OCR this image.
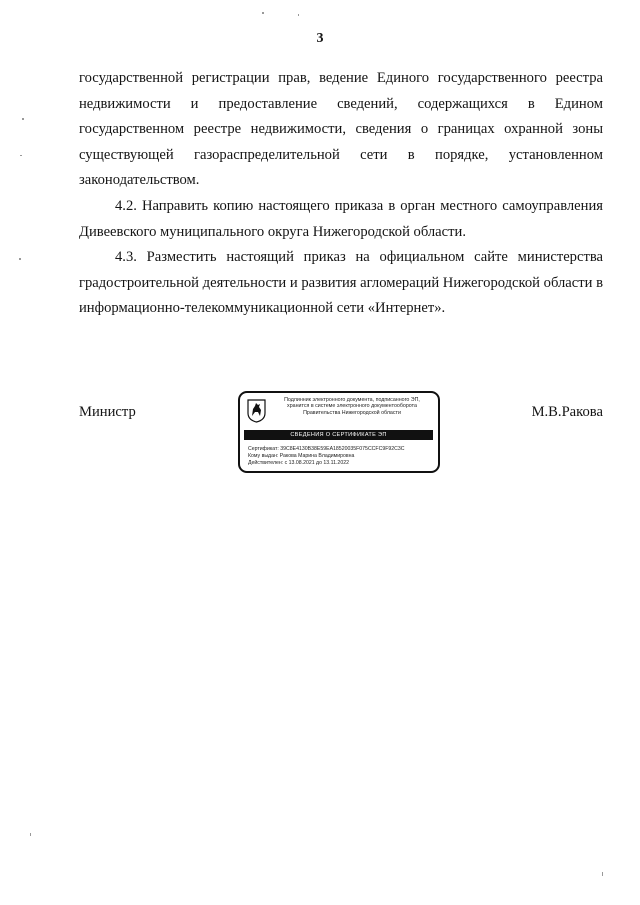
3

государственной регистрации прав, ведение Единого государственного реестра недвижимости и предоставление сведений, содержащихся в Едином государственном реестре недвижимости, сведения о границах охранной зоны существующей газораспределительной сети в порядке, установленном законодательством.

4.2. Направить копию настоящего приказа в орган местного самоуправления Дивеевского муниципального округа Нижегородской области.

4.3. Разместить настоящий приказ на официальном сайте министерства градостроительной деятельности и развития агломераций Нижегородской области в информационно-телекоммуникационной сети «Интернет».

Министр	М.В.Ракова
Подлинник электронного документа, подписанного ЭП,
хранится в системе электронного документооборота
Правительства Нижегородской области
СВЕДЕНИЯ О СЕРТИФИКАТЕ ЭП
Сертификат: 39C8E4130B38E59EA18520035F075CCFC9F92C3C
Кому выдан: Ракова Марина Владимировна
Действителен: с 13.08.2021 до 13.11.2022
